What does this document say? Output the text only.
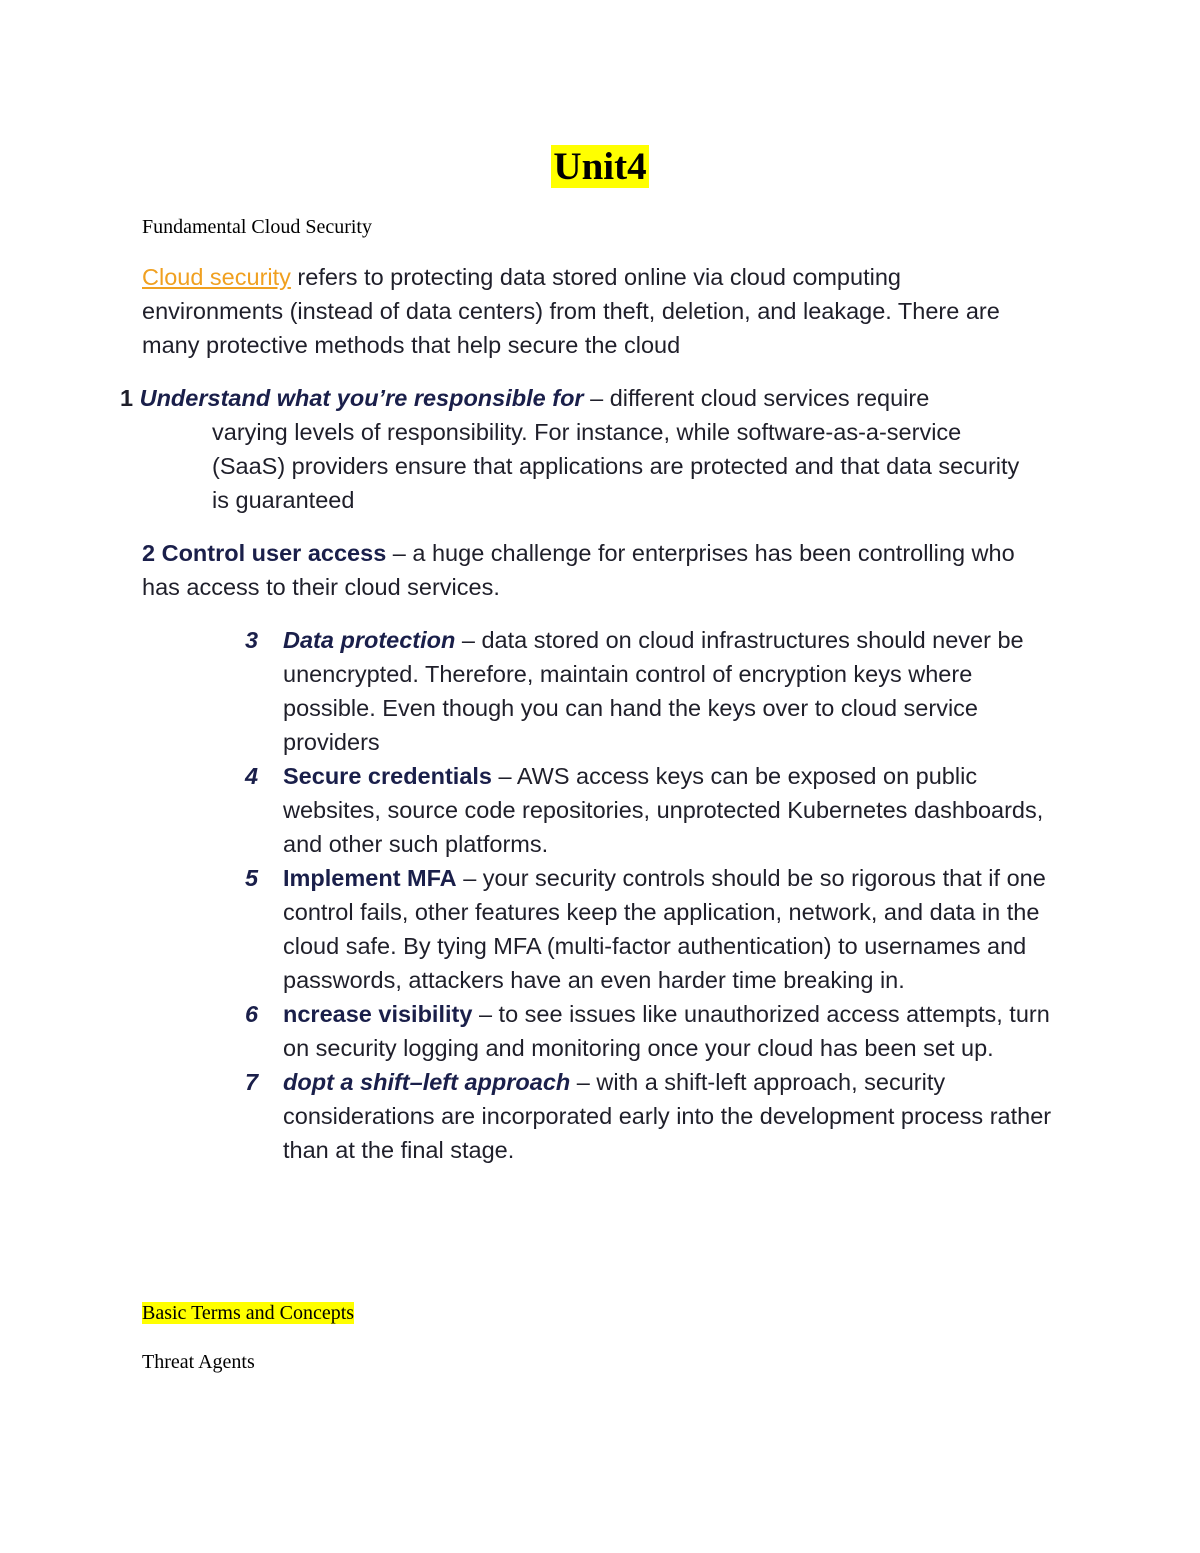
Unit4
Fundamental Cloud Security

Cloud security refers to protecting data stored online via cloud computing environments (instead of data centers) from theft, deletion, and leakage. There are many protective methods that help secure the cloud

1 Understand what you’re responsible for – different cloud services require
varying levels of responsibility. For instance, while software-as-a-service (SaaS) providers ensure that applications are protected and that data security is guaranteed
2 Control user access – a huge challenge for enterprises has been controlling who has access to their cloud services.
3 Data protection – data stored on cloud infrastructures should never be unencrypted. Therefore, maintain control of encryption keys where possible. Even though you can hand the keys over to cloud service providers
4 Secure credentials – AWS access keys can be exposed on public websites, source code repositories, unprotected Kubernetes dashboards, and other such platforms.
5 Implement MFA – your security controls should be so rigorous that if one control fails, other features keep the application, network, and data in the cloud safe. By tying MFA (multi-factor authentication) to usernames and passwords, attackers have an even harder time breaking in.
6 ncrease visibility – to see issues like unauthorized access attempts, turn on security logging and monitoring once your cloud has been set up.
7 dopt a shift–left approach – with a shift-left approach, security considerations are incorporated early into the development process rather than at the final stage.
Basic Terms and Concepts
Threat Agents
